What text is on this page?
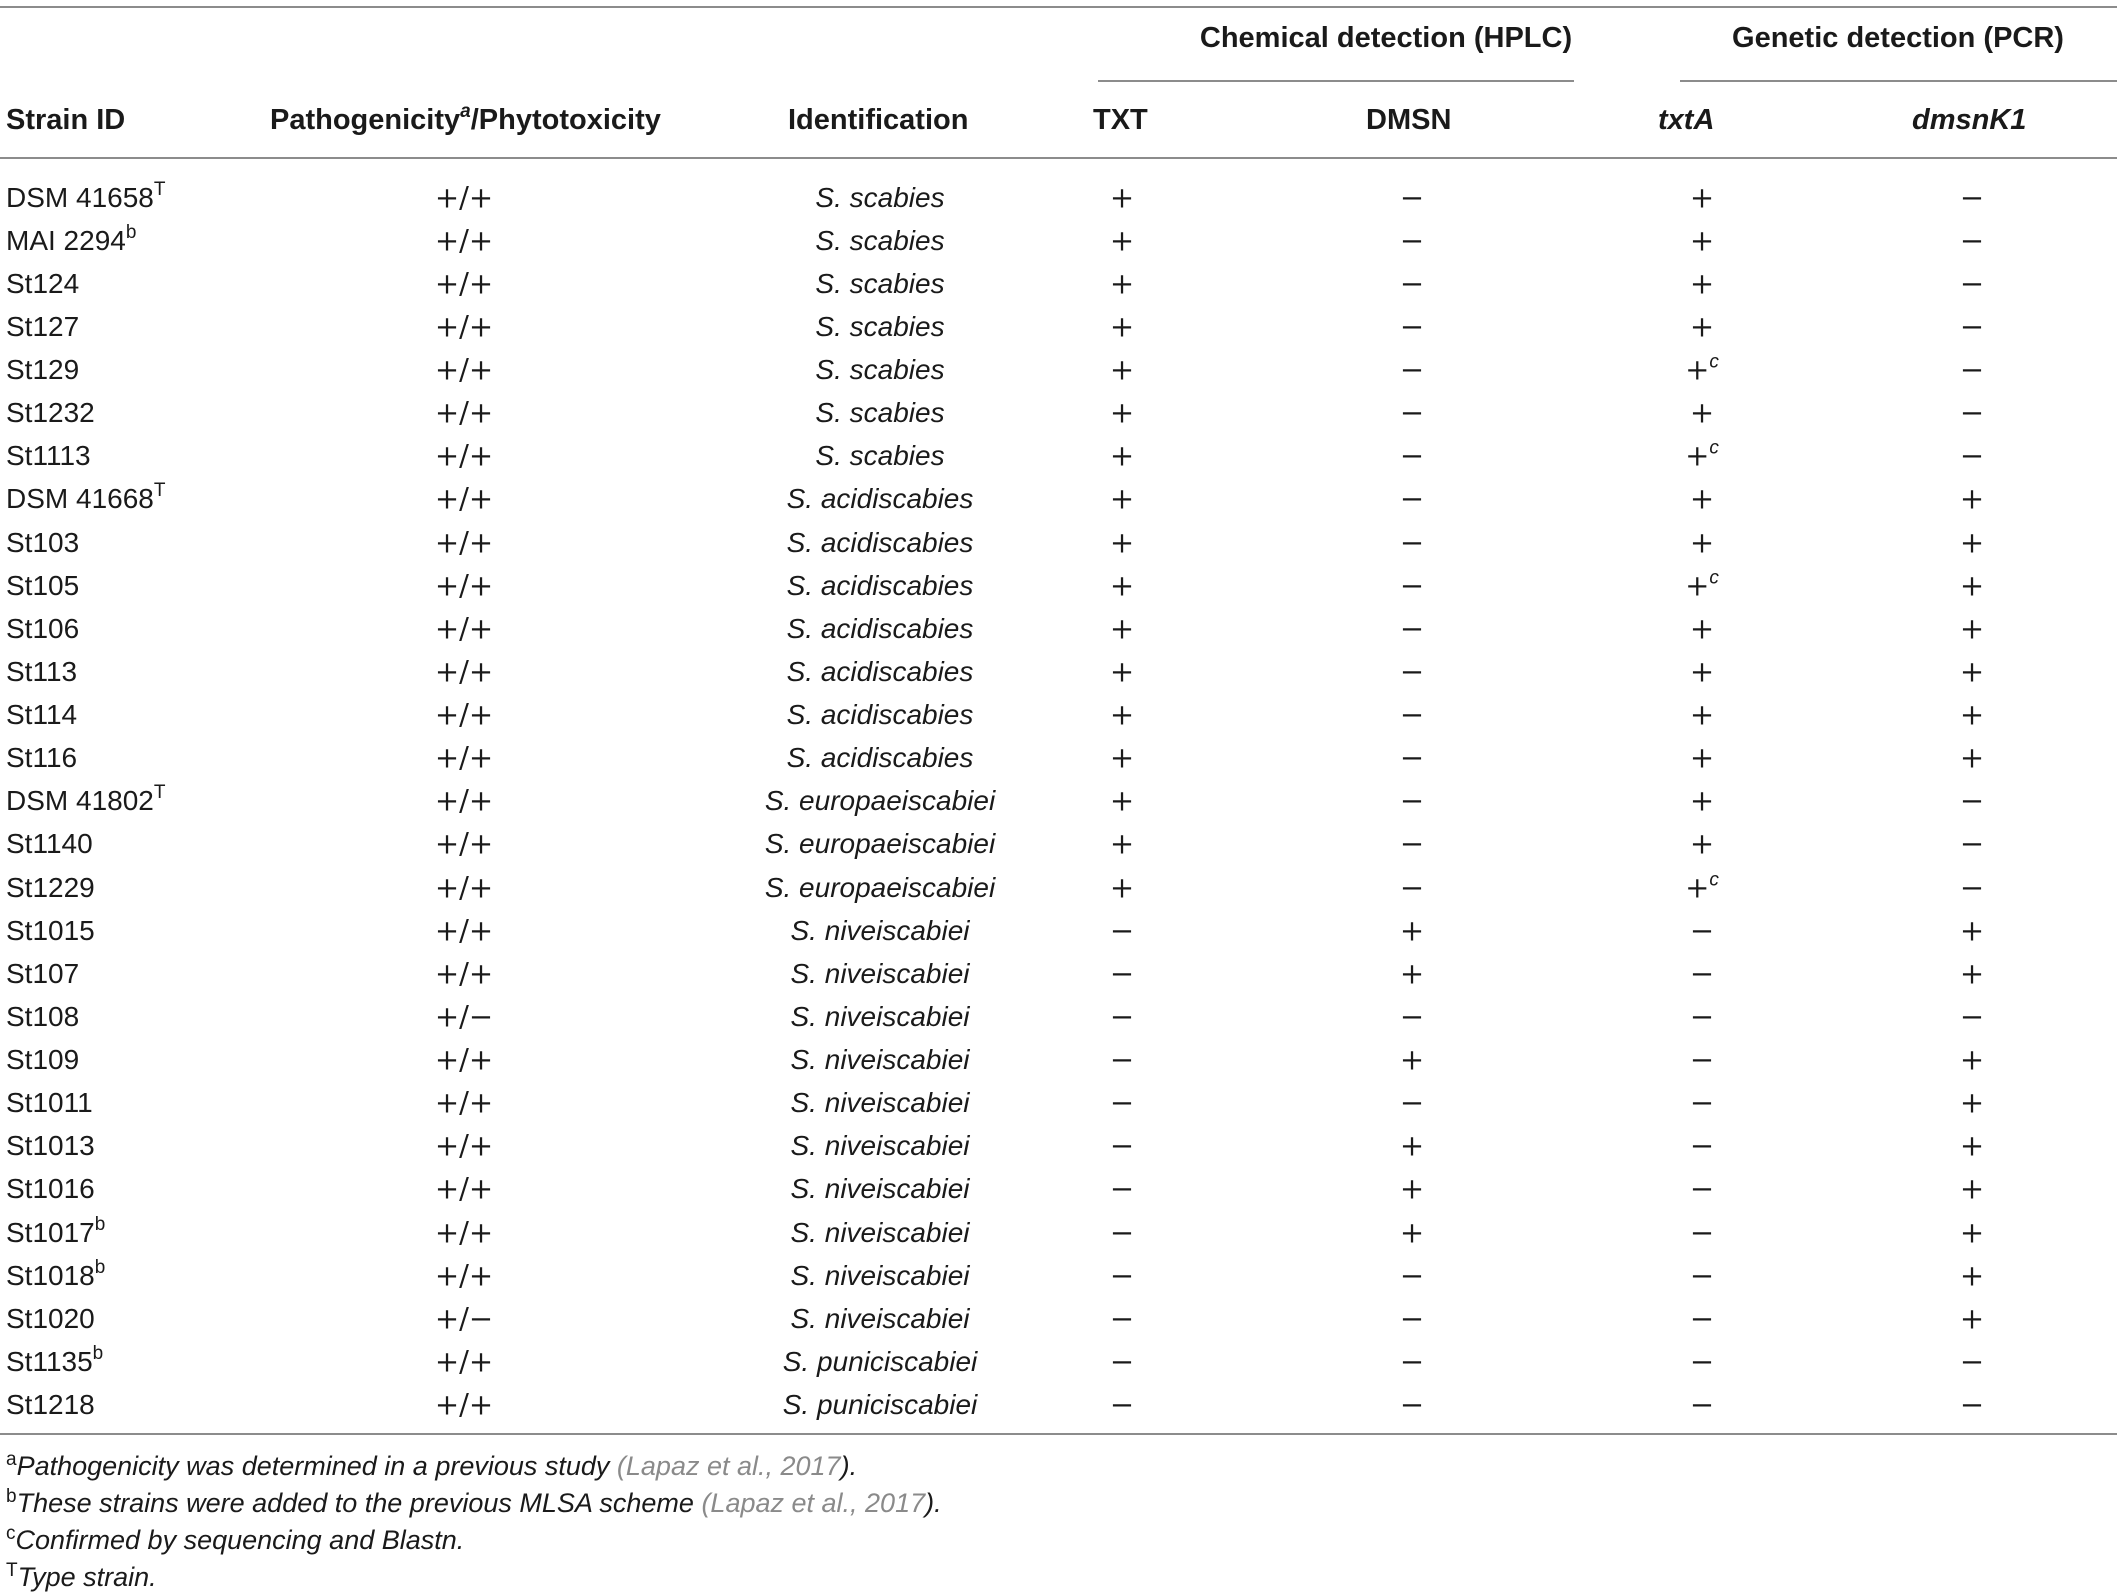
Chemical detection (HPLC)	Genetic detection (PCR)
Strain ID	Pathogenicity$^a$/Phytotoxicity	Identification	TXT	DMSN	txtA	dmsnK1
DSM $41658^T$	+/+	S. scabies	+	−	+	−

MAI $2294^b$	+/+	S. scabies	+	−	+	−

St124	+/+	S. scabies	+	−	+	−

St127	+/+	S. scabies	+	−	+	−

St129	+/+	S. scabies	+	−	+$^c$	−

St1232	+/+	S. scabies	+	−	+	−

St1113	+/+	S. scabies	+	−	+$^c$	−

DSM $41668^T$	+/+	S. acidiscabies	+	−	+	+

St103	+/+	S. acidiscabies	+	−	+	+

St105	+/+	S. acidiscabies	+	−	+$^c$	+

St106	+/+	S. acidiscabies	+	−	+	+

St113	+/+	S. acidiscabies	+	−	+	+

St114	+/+	S. acidiscabies	+	−	+	+

St116	+/+	S. acidiscabies	+	−	+	+

DSM $41802^T$	+/+	S. europaeiscabiei	+	−	+	−

St1140	+/+	S. europaeiscabiei	+	−	+	−

St1229	+/+	S. europaeiscabiei	+	−	+$^c$	−

St1015	+/+	S. niveiscabiei	−	+	−	+

St107	+/+	S. niveiscabiei	−	+	−	+

St108	+/−	S. niveiscabiei	−	−	−	−

St109	+/+	S. niveiscabiei	−	+	−	+

St1011	+/+	S. niveiscabiei	−	−	−	+

St1013	+/+	S. niveiscabiei	−	+	−	+

St1016	+/+	S. niveiscabiei	−	+	−	+

$St1017^b$	+/+	S. niveiscabiei	−	+	−	+

$St1018^b$	+/+	S. niveiscabiei	−	−	−	+

St1020	+/−	S. niveiscabiei	−	−	−	+

$St1135^b$	+/+	S. puniciscabiei	−	−	−	−

St1218	+/+	S. puniciscabiei	−	−	−	−
$^a$Pathogenicity was determined in a previous study (Lapaz et al., 2017).
$^b$These strains were added to the previous MLSA scheme (Lapaz et al., 2017).
$^c$Confirmed by sequencing and Blastn.
$^T$Type strain.
